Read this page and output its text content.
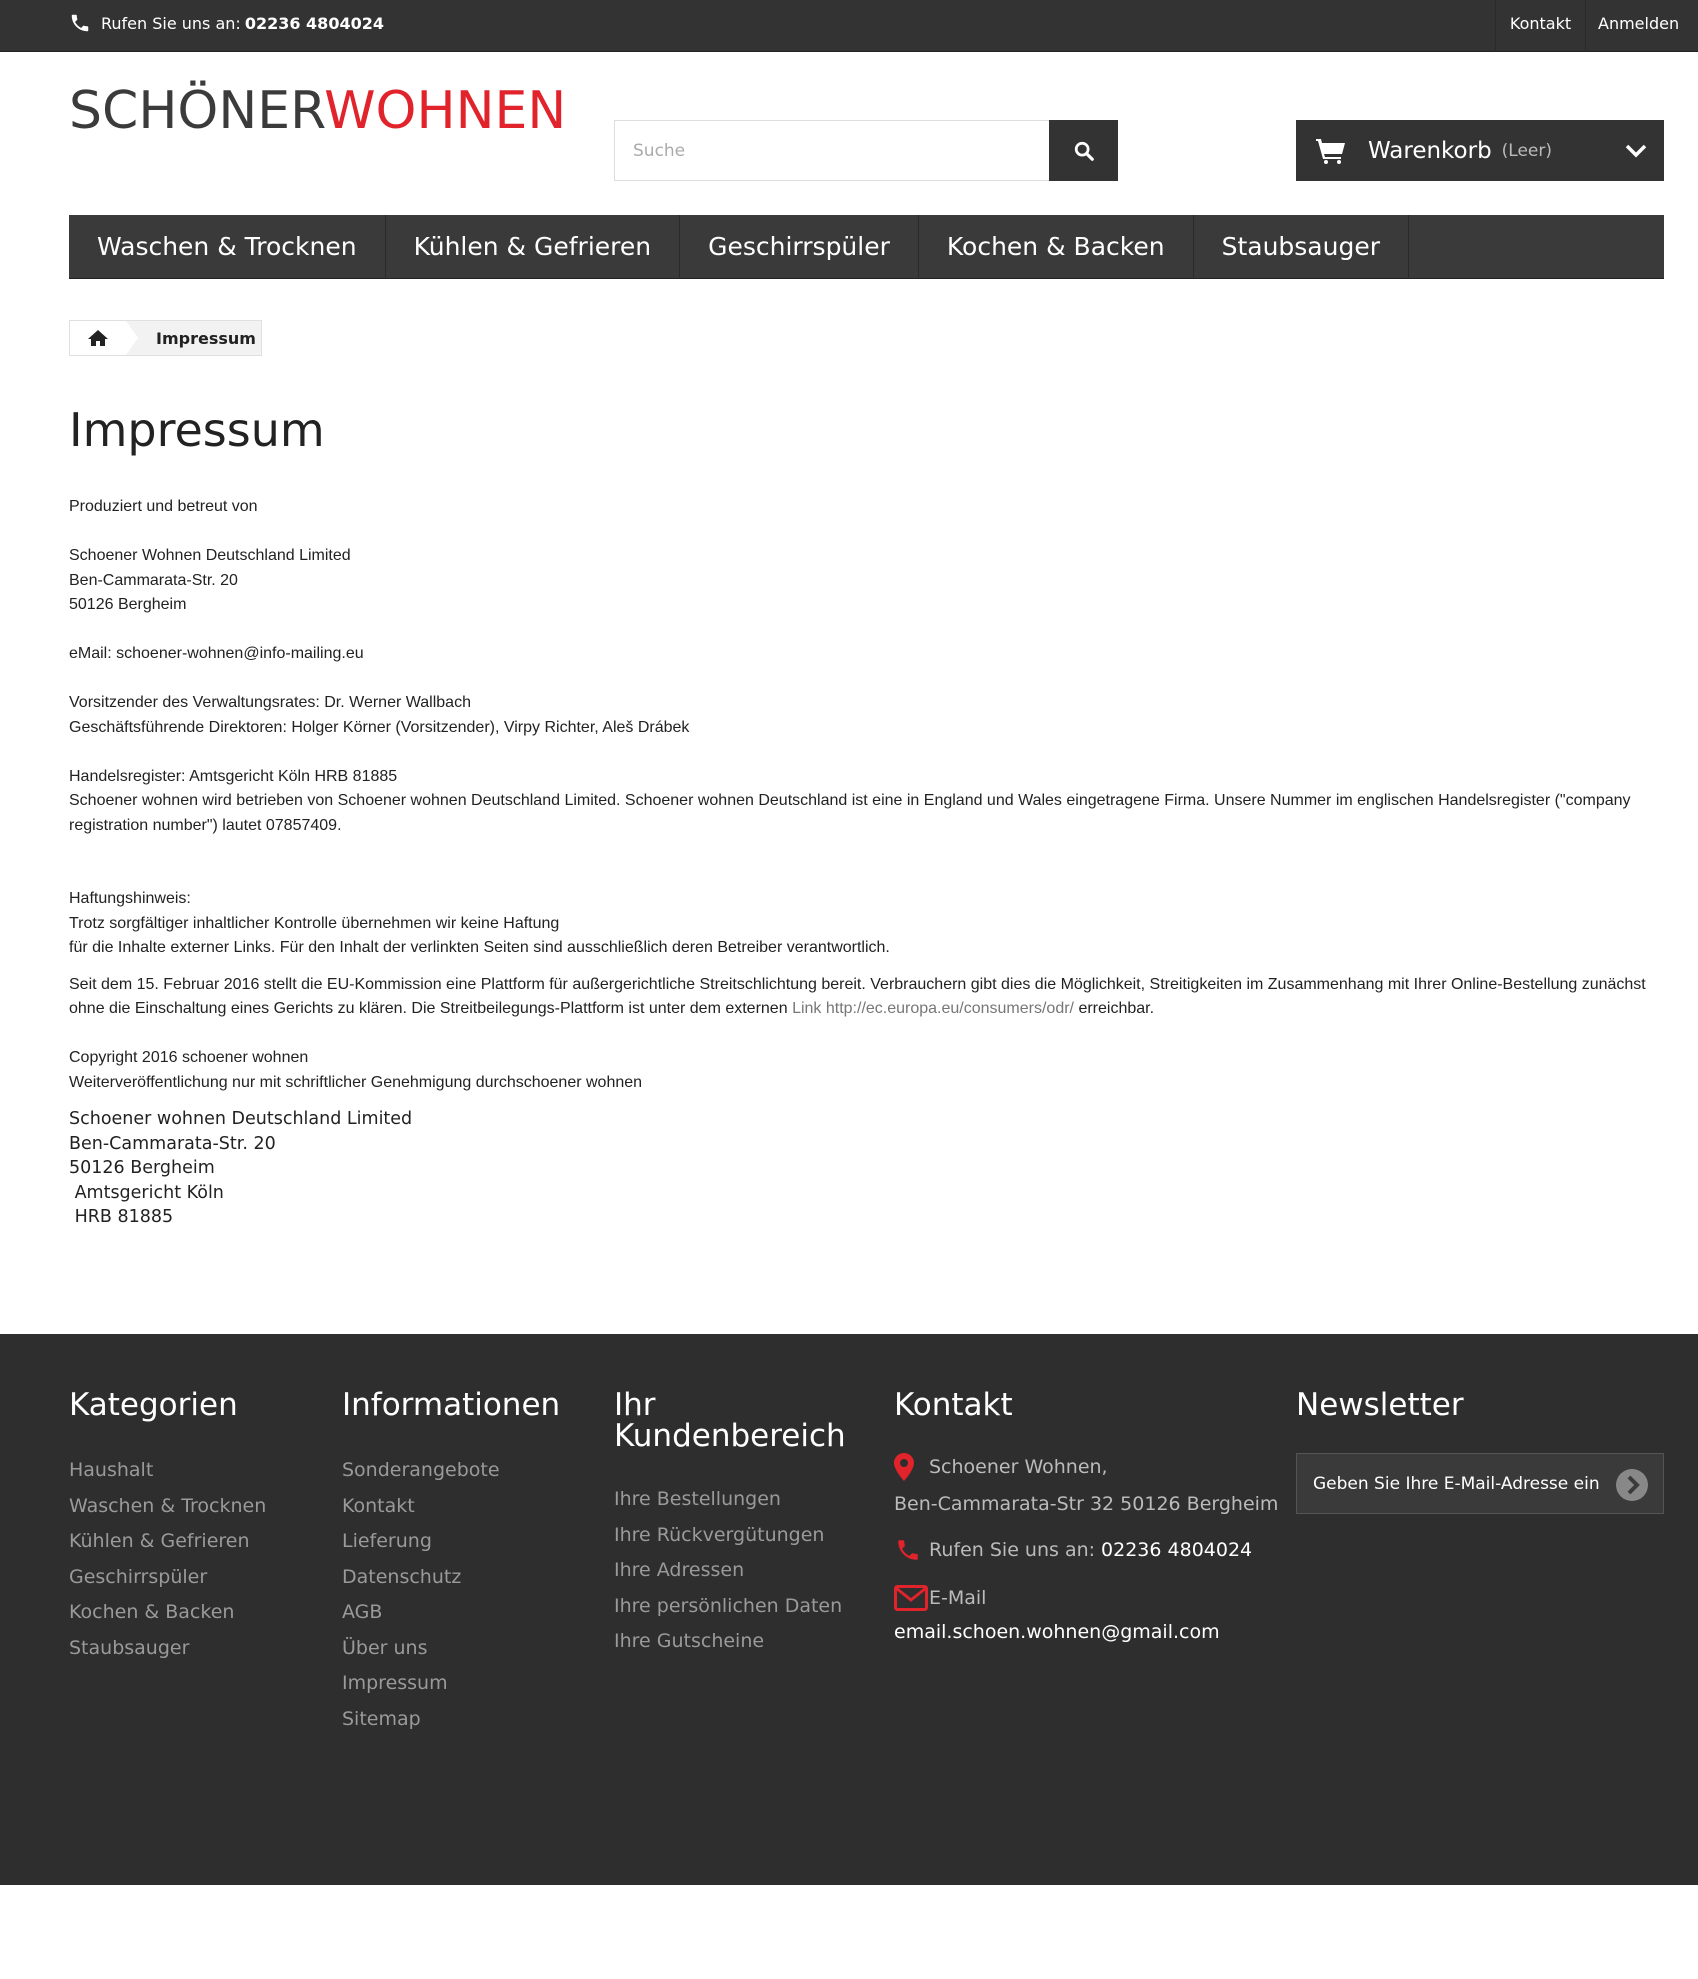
Rufen Sie uns an: 02236 4804024	Kontakt	Anmelden
SCHÖNERWOHNEN
Suche
Warenkorb (Leer)
Waschen & Trocknen	Kühlen & Gefrieren	Geschirrspüler	Kochen & Backen	Staubsauger
Impressum
Impressum

Produziert und betreut von

Schoener Wohnen Deutschland Limited

Ben-Cammarata-Str. 20

50126 Bergheim

eMail: schoener-wohnen@info-mailing.eu

Vorsitzender des Verwaltungsrates: Dr. Werner Wallbach

Geschäftsführende Direktoren: Holger Körner (Vorsitzender), Virpy Richter, Aleš Drábek

Handelsregister: Amtsgericht Köln HRB 81885

Schoener wohnen wird betrieben von Schoener wohnen Deutschland Limited. Schoener wohnen Deutschland ist eine in England und Wales eingetragene Firma. Unsere Nummer im englischen Handelsregister ("company registration number") lautet 07857409.

Haftungshinweis:

Trotz sorgfältiger inhaltlicher Kontrolle übernehmen wir keine Haftung

für die Inhalte externer Links. Für den Inhalt der verlinkten Seiten sind ausschließlich deren Betreiber verantwortlich.

Seit dem 15. Februar 2016 stellt die EU-Kommission eine Plattform für außergerichtliche Streitschlichtung bereit. Verbrauchern gibt dies die Möglichkeit, Streitigkeiten im Zusammenhang mit Ihrer Online-Bestellung zunächst ohne die Einschaltung eines Gerichts zu klären. Die Streitbeilegungs-Plattform ist unter dem externen Link http://ec.europa.eu/consumers/odr/ erreichbar.

Copyright 2016 schoener wohnen

Weiterveröffentlichung nur mit schriftlicher Genehmigung durchschoener wohnen

Schoener wohnen Deutschland Limited

Ben-Cammarata-Str. 20

50126 Bergheim

Amtsgericht Köln

HRB 81885

Kategorien
Haushalt
Waschen & Trocknen
Kühlen & Gefrieren
Geschirrspüler
Kochen & Backen
Staubsauger
Informationen
Sonderangebote
Kontakt
Lieferung
Datenschutz
AGB
Über uns
Impressum
Sitemap
Ihr Kundenbereich
Ihre Bestellungen
Ihre Rückvergütungen
Ihre Adressen
Ihre persönlichen Daten
Ihre Gutscheine
Kontakt
Schoener Wohnen,
Ben-Cammarata-Str 32 50126 Bergheim
Rufen Sie uns an: 02236 4804024
E-Mail
email.schoen.wohnen@gmail.com
Newsletter
Geben Sie Ihre E-Mail-Adresse ein
